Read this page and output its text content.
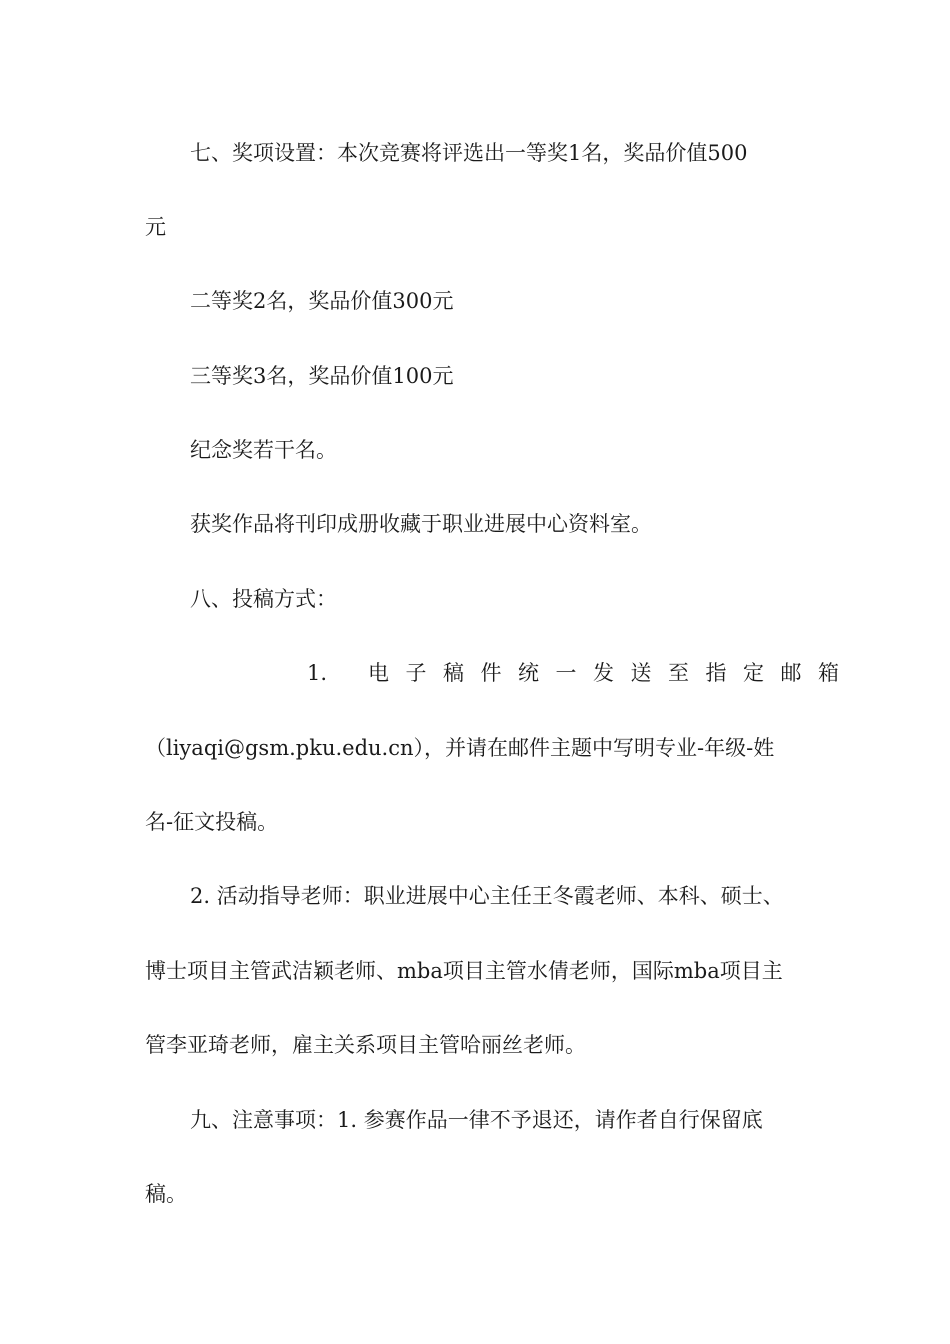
七、奖项设置：本次竞赛将评选出一等奖1名，奖品价值500
元
二等奖2名，奖品价值300元
三等奖3名，奖品价值100元
纪念奖若干名。
获奖作品将刊印成册收藏于职业进展中心资料室。
八、投稿方式：
1. 电子稿件统一发送至指定邮箱
（liyaqi@gsm.pku.edu.cn），并请在邮件主题中写明专业-年级-姓
名-征文投稿。
2. 活动指导老师：职业进展中心主任王冬霞老师、本科、硕士、
博士项目主管武洁颖老师、mba项目主管水倩老师，国际mba项目主
管李亚琦老师，雇主关系项目主管哈丽丝老师。
九、注意事项：1. 参赛作品一律不予退还，请作者自行保留底
稿。
